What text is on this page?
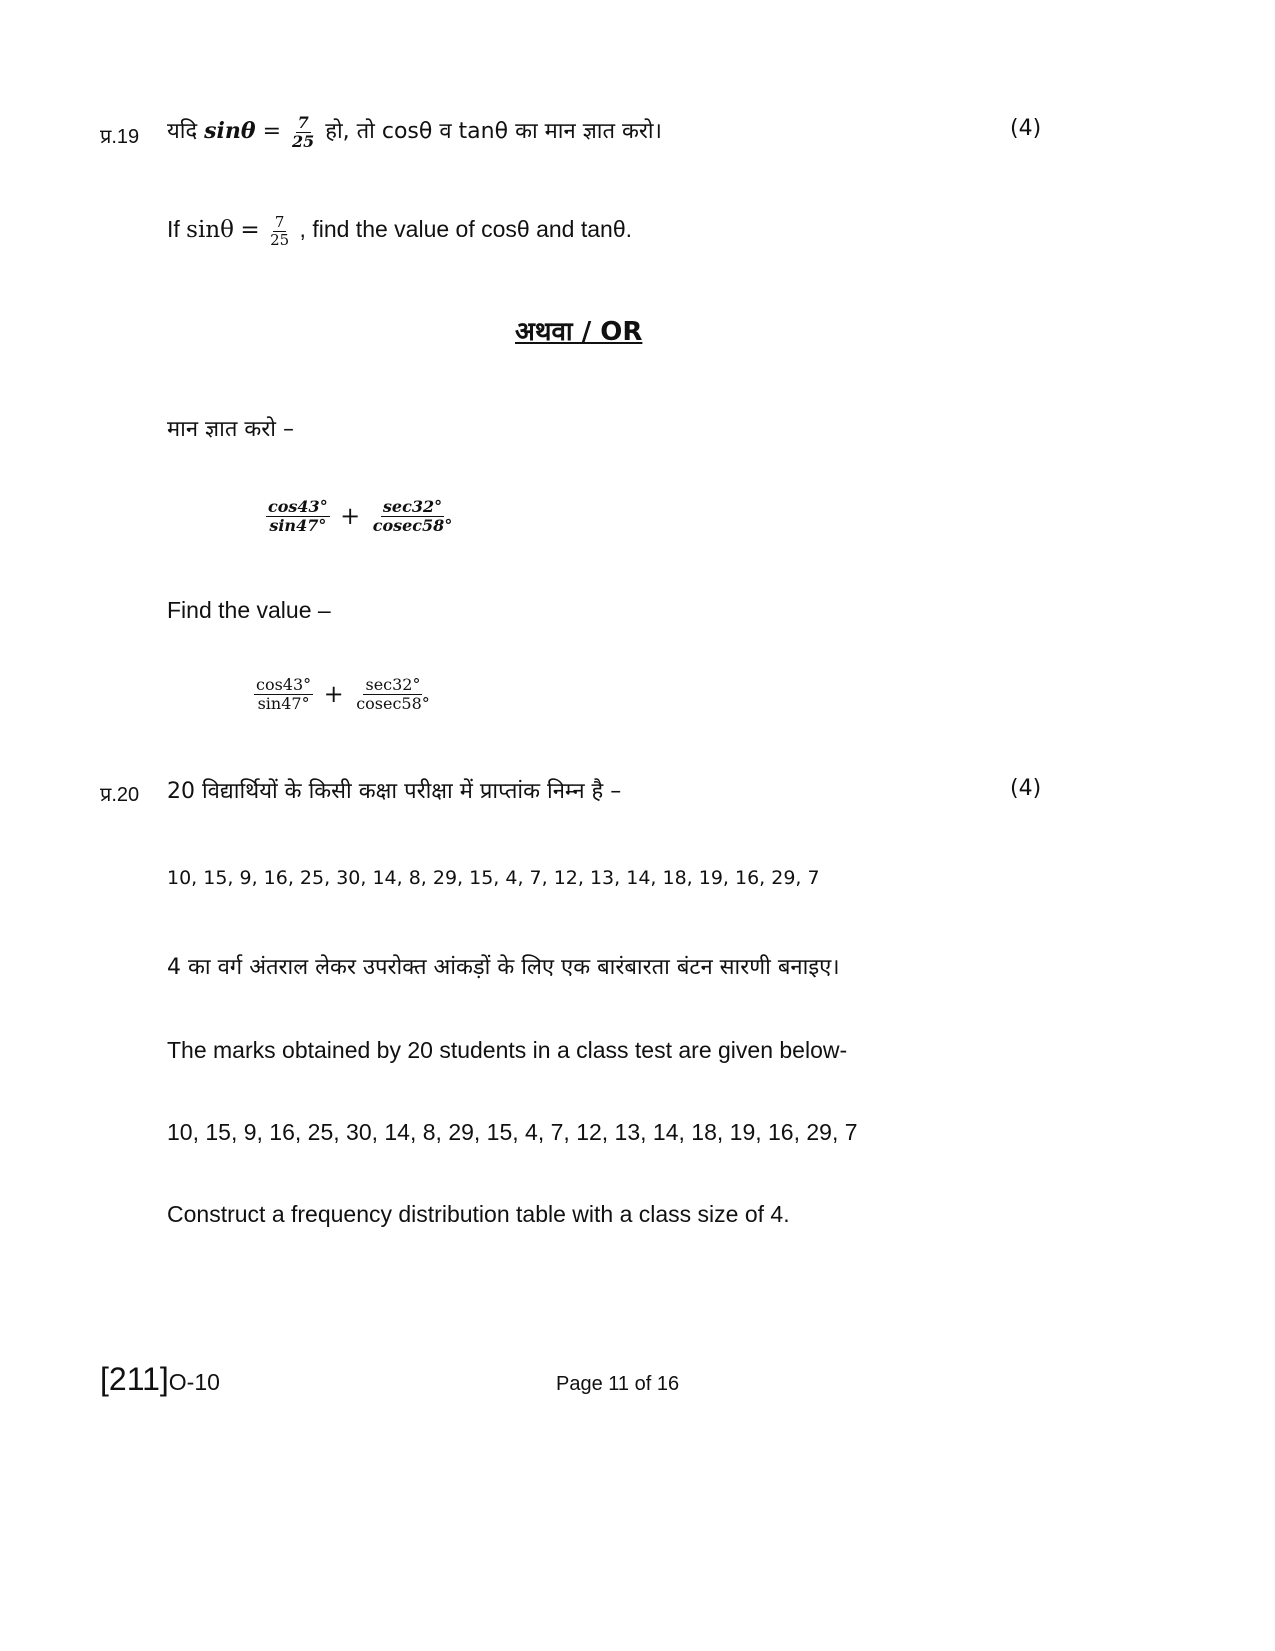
प्र.19 यदि $\sin\theta = \frac{7}{25}$ हो, तो cosθ व tanθ का मान ज्ञात करो।	(4)
If $\sin\theta = \frac{7}{25}$ , find the value of cosθ and tanθ.
अथवा / OR
मान ज्ञात करो –
$\frac{\cos 43^\circ}{\sin 47^\circ} + \frac{\sec 32^\circ}{cosec58^\circ}$
Find the value –
$\frac{\cos 43^\circ}{\sin 47^\circ} + \frac{\sec 32^\circ}{cosec58^\circ}$
प्र.20 20 विद्यार्थियों के किसी कक्षा परीक्षा में प्राप्तांक निम्न है –	(4)
10, 15, 9, 16, 25, 30, 14, 8, 29, 15, 4, 7, 12, 13, 14, 18, 19, 16, 29, 7
4 का वर्ग अंतराल लेकर उपरोक्त आंकड़ों के लिए एक बारंबारता बंटन सारणी बनाइए।
The marks obtained by 20 students in a class test are given below-
10, 15, 9, 16, 25, 30, 14, 8, 29, 15, 4, 7, 12, 13, 14, 18, 19, 16, 29, 7
Construct a frequency distribution table with a class size of 4.
[211]O-10	Page 11 of 16
